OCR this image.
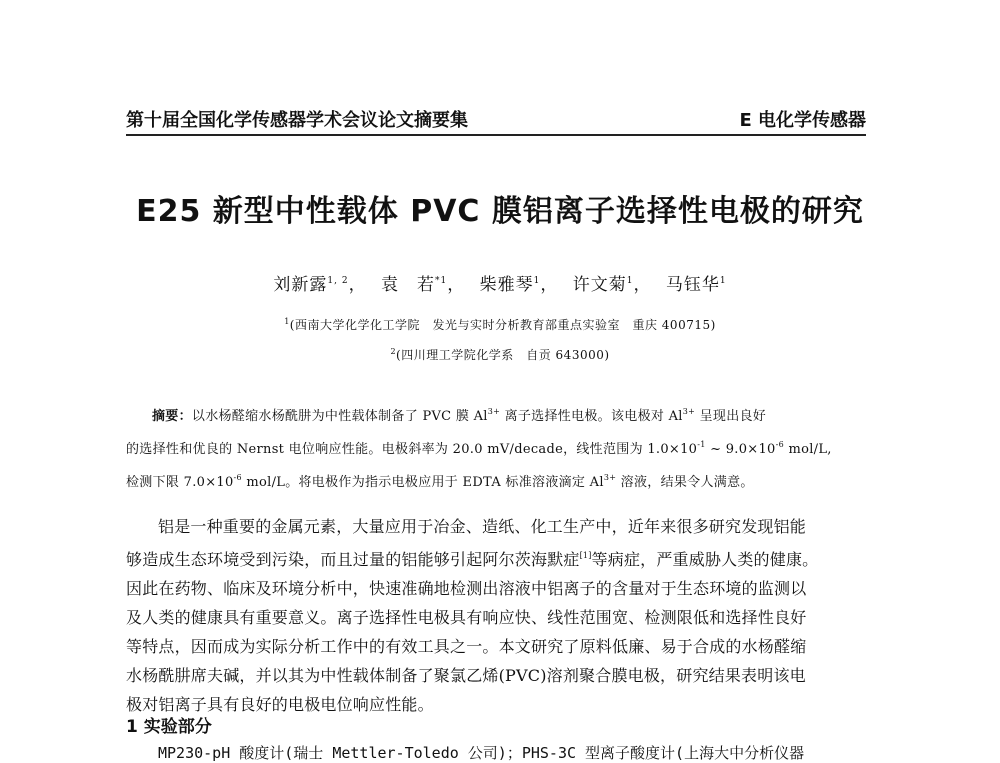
第十届全国化学传感器学术会议论文摘要集	E 电化学传感器
E25 新型中性载体 PVC 膜铝离子选择性电极的研究
刘新露$^{1, 2}$， 袁　若$^{*1}$， 柴雅琴$^1$， 许文菊$^1$， 马钰华$^1$
$^1$(西南大学化学化工学院　发光与实时分析教育部重点实验室　重庆 400715)
$^2$(四川理工学院化学系　自贡 643000)
摘要：以水杨醛缩水杨酰肼为中性载体制备了 PVC 膜 $Al^{3+}$ 离子选择性电极。该电极对 $Al^{3+}$ 呈现出良好
的选择性和优良的 Nernst 电位响应性能。电极斜率为 20.0 mV/decade，线性范围为 $1.0\times 10^{-1}$ ~ $9.0\times 10^{-6}$ mol/L,
检测下限 $7.0\times 10^{-6}$ mol/L。将电极作为指示电极应用于 EDTA 标准溶液滴定 $Al^{3+}$ 溶液，结果令人满意。
铝是一种重要的金属元素，大量应用于冶金、造纸、化工生产中，近年来很多研究发现铝能
够造成生态环境受到污染，而且过量的铝能够引起阿尔茨海默症[1]等病症，严重威胁人类的健康。
因此在药物、临床及环境分析中，快速准确地检测出溶液中铝离子的含量对于生态环境的监测以
及人类的健康具有重要意义。离子选择性电极具有响应快、线性范围宽、检测限低和选择性良好
等特点，因而成为实际分析工作中的有效工具之一。本文研究了原料低廉、易于合成的水杨醛缩
水杨酰肼席夫碱，并以其为中性载体制备了聚氯乙烯(PVC)溶剂聚合膜电极，研究结果表明该电
极对铝离子具有良好的电极电位响应性能。
1 实验部分
MP230-pH 酸度计(瑞士 Mettler-Toledo 公司)；PHS-3C 型离子酸度计(上海大中分析仪器
